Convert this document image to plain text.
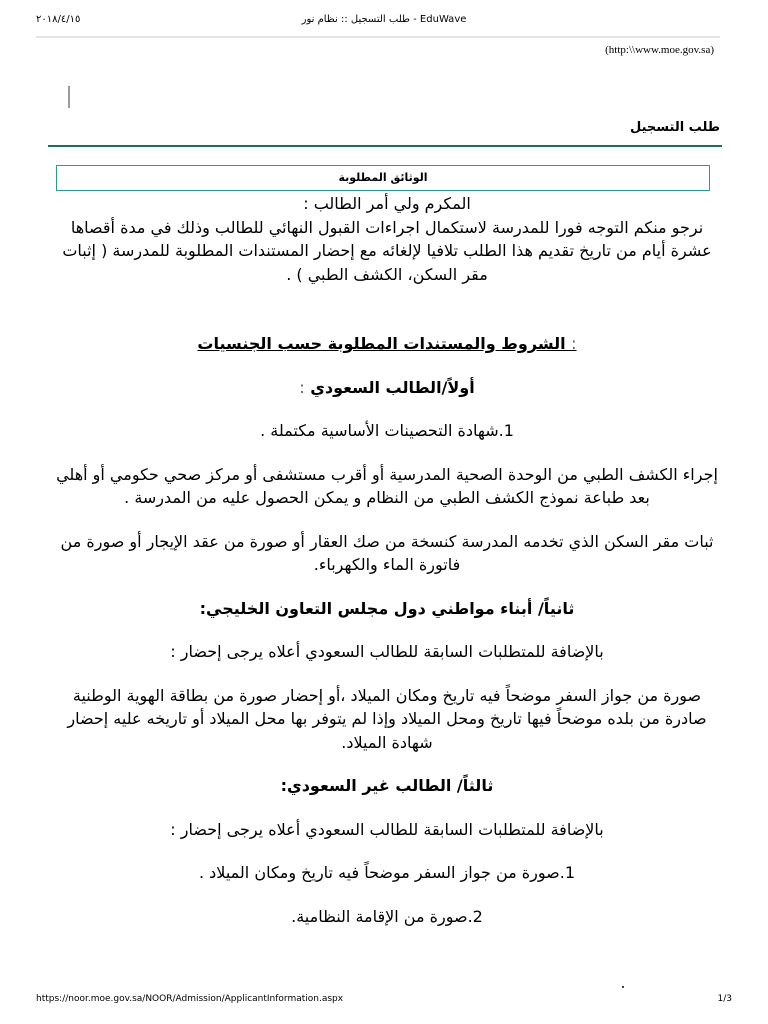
٢٠١٨/٤/١٥	طلب التسجيل :: نظام نور - EduWave
(http:\\www.moe.gov.sa)
طلب التسجيل
الوثائق المطلوبة

المكرم ولي أمر الطالب :

نرجو منكم التوجه فورا للمدرسة لاستكمال اجراءات القبول النهائي للطالب وذلك في مدة أقصاها عشرة أيام من تاريخ تقديم هذا الطلب تلافيا لإلغائه مع إحضار المستندات المطلوبة للمدرسة ( إثبات مقر السكن، الكشف الطبي ) .

: الشروط والمستندات المطلوبة حسب الجنسيات

أولاً/الطالب السعودي :

1.شهادة التحصينات الأساسية مكتملة .

إجراء الكشف الطبي من الوحدة الصحية المدرسية أو أقرب مستشفى أو مركز صحي حكومي أو أهلي بعد طباعة نموذج الكشف الطبي من النظام و يمكن الحصول عليه من المدرسة .

ثبات مقر السكن الذي تخدمه المدرسة كنسخة من صك العقار أو صورة من عقد الإيجار أو صورة من فاتورة الماء والكهرباء.

ثانياً/ أبناء مواطني دول مجلس التعاون الخليجي:

بالإضافة للمتطلبات السابقة للطالب السعودي أعلاه يرجى إحضار :

صورة من جواز السفر موضحاً فيه تاريخ ومكان الميلاد ،أو إحضار صورة من بطاقة الهوية الوطنية صادرة من بلده موضحاً فيها تاريخ ومحل الميلاد وإذا لم يتوفر بها محل الميلاد أو تاريخه عليه إحضار شهادة الميلاد.

ثالثاً/ الطالب غير السعودي:

بالإضافة للمتطلبات السابقة للطالب السعودي أعلاه يرجى إحضار :

1.صورة من جواز السفر موضحاً فيه تاريخ ومكان الميلاد .

2.صورة من الإقامة النظامية.

https://noor.moe.gov.sa/NOOR/Admission/ApplicantInformation.aspx	1/3
